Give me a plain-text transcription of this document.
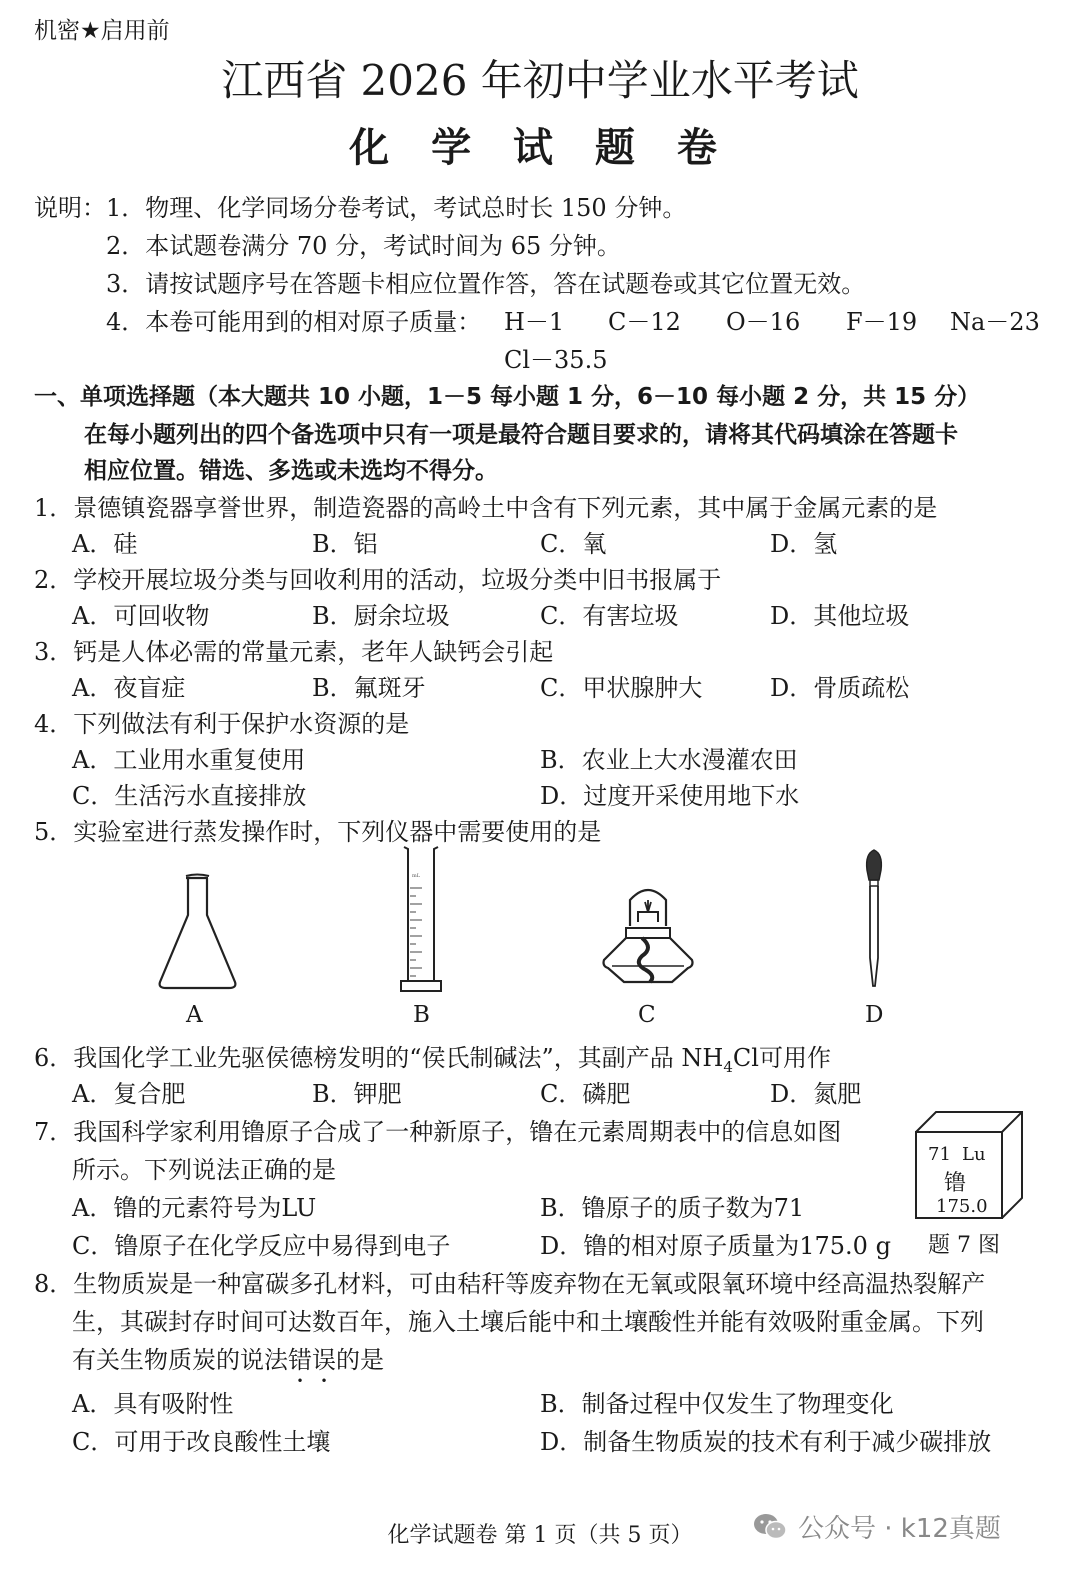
机密★启用前
江西省 2026 年初中学业水平考试
化 学 试 题 卷
说明： 1．物理、化学同场分卷考试，考试总时长 150 分钟。
2．本试题卷满分 70 分，考试时间为 65 分钟。
3．请按试题序号在答题卡相应位置作答，答在试题卷或其它位置无效。
4．本卷可能用到的相对原子质量： H－1 C－12 O－16 F－19 Na－23
Cl－35.5
一、单项选择题（本大题共 10 小题，1－5 每小题 1 分，6－10 每小题 2 分，共 15 分）
在每小题列出的四个备选项中只有一项是最符合题目要求的，请将其代码填涂在答题卡
相应位置。错选、多选或未选均不得分。
1．景德镇瓷器享誉世界，制造瓷器的高岭土中含有下列元素，其中属于金属元素的是
A．硅	B．铝	C．氧	D．氢
2．学校开展垃圾分类与回收利用的活动，垃圾分类中旧书报属于
A．可回收物	B．厨余垃圾	C．有害垃圾	D．其他垃圾
3．钙是人体必需的常量元素，老年人缺钙会引起
A．夜盲症	B．氟斑牙	C．甲状腺肿大	D．骨质疏松
4．下列做法有利于保护水资源的是
A．工业用水重复使用	B．农业上大水漫灌农田
C．生活污水直接排放	D．过度开采使用地下水
5．实验室进行蒸发操作时，下列仪器中需要使用的是
mL
A	B	C	D
6．我国化学工业先驱侯德榜发明的“侯氏制碱法”，其副产品 $NH_4Cl$可用作
A．复合肥	B．钾肥	C．磷肥	D．氮肥
7．我国科学家利用镥原子合成了一种新原子，镥在元素周期表中的信息如图
所示。下列说法正确的是
A．镥的元素符号为LU	B．镥原子的质子数为71
C．镥原子在化学反应中易得到电子	D．镥的相对原子质量为175.0 g
71 Lu
镥
175.0
题 7 图
8．生物质炭是一种富碳多孔材料，可由秸秆等废弃物在无氧或限氧环境中经高温热裂解产
生，其碳封存时间可达数百年，施入土壤后能中和土壤酸性并能有效吸附重金属。下列
有关生物质炭的说法错误的是
A．具有吸附性	B．制备过程中仅发生了物理变化
C．可用于改良酸性土壤	D．制备生物质炭的技术有利于减少碳排放
化学试题卷 第 1 页（共 5 页）	公众号 · k12真题
